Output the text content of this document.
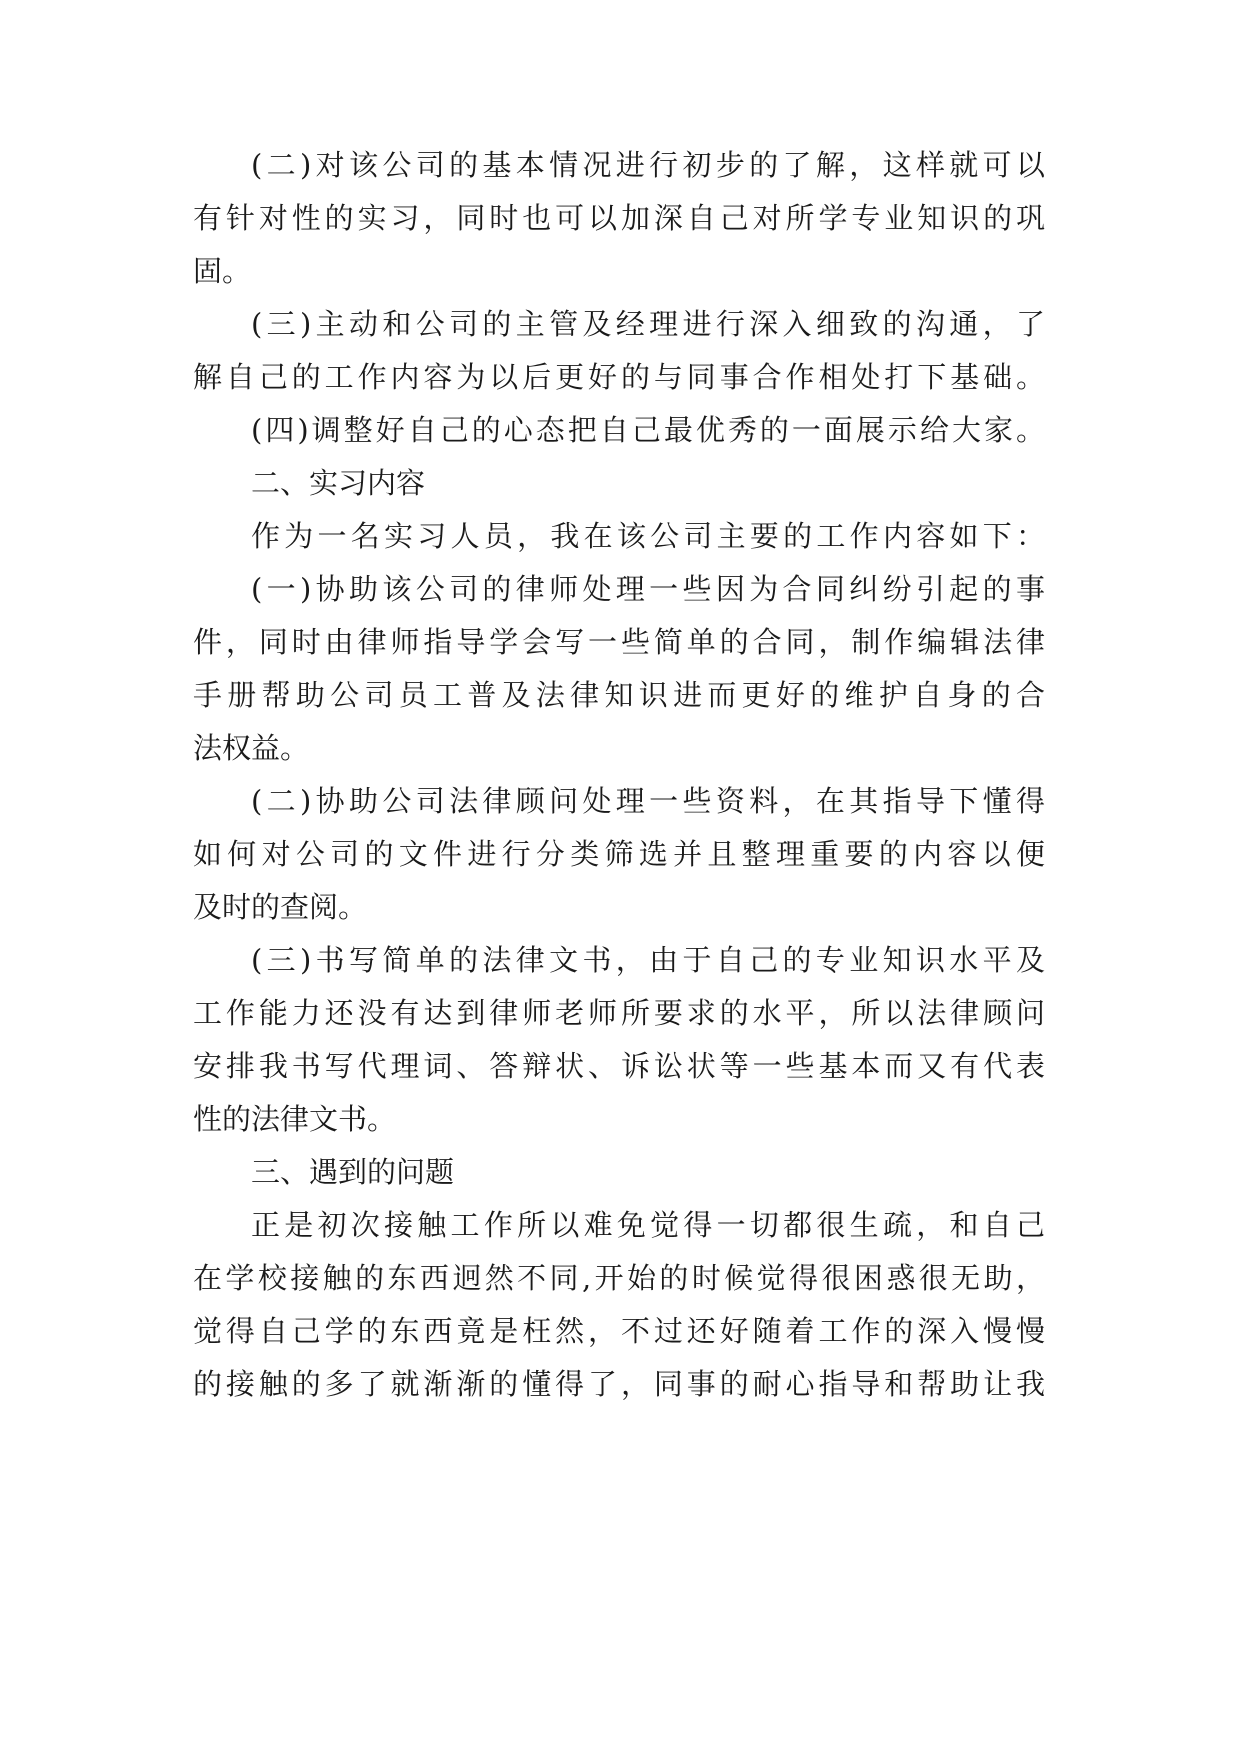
(二)对该公司的基本情况进行初步的了解，这样就可以
有针对性的实习，同时也可以加深自己对所学专业知识的巩
固。
(三)主动和公司的主管及经理进行深入细致的沟通，了
解自己的工作内容为以后更好的与同事合作相处打下基础。
(四)调整好自己的心态把自己最优秀的一面展示给大家。
二、实习内容
作为一名实习人员，我在该公司主要的工作内容如下：
(一)协助该公司的律师处理一些因为合同纠纷引起的事
件，同时由律师指导学会写一些简单的合同，制作编辑法律
手册帮助公司员工普及法律知识进而更好的维护自身的合
法权益。
(二)协助公司法律顾问处理一些资料，在其指导下懂得
如何对公司的文件进行分类筛选并且整理重要的内容以便
及时的查阅。
(三)书写简单的法律文书，由于自己的专业知识水平及
工作能力还没有达到律师老师所要求的水平，所以法律顾问
安排我书写代理词、答辩状、诉讼状等一些基本而又有代表
性的法律文书。
三、遇到的问题
正是初次接触工作所以难免觉得一切都很生疏，和自己
在学校接触的东西迥然不同,开始的时候觉得很困惑很无助，
觉得自己学的东西竟是枉然，不过还好随着工作的深入慢慢
的接触的多了就渐渐的懂得了，同事的耐心指导和帮助让我
